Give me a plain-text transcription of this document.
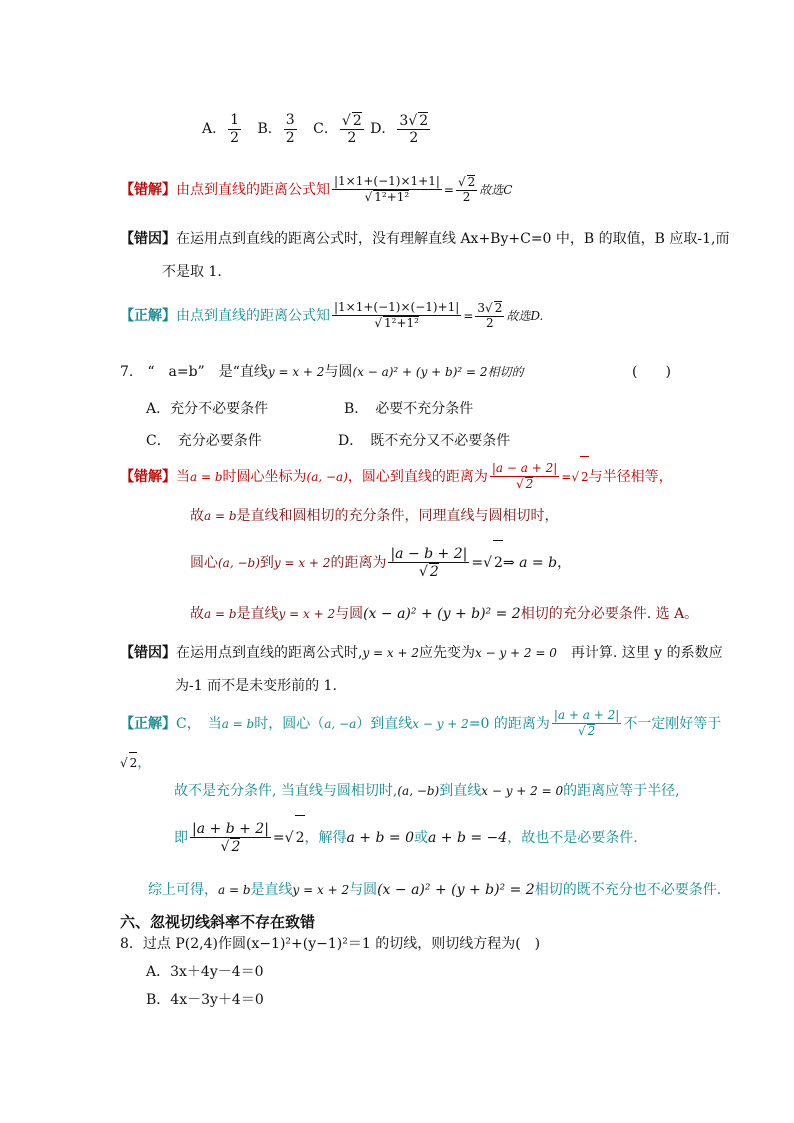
A． $\frac{1}{2}$ B． $\frac{3}{2}$ C． $\frac{√ 2}{2}$ D． $\frac{3√ 2}{2}$
【错解】由点到直线的距离公式知 $\frac{|1\times 1+(-1)\times 1+1|}{\text{√ 1²+1²}} = \frac{√ 2}{2}$ 故选C
【错因】在运用点到直线的距离公式时，没有理解直线 Ax+By+C=0 中，B 的取值，B 应取-1,而
不是取 1.
【正解】由点到直线的距离公式知 $\frac{|1\times 1+(-1)\times(-1)+1|}{\text{√ 1²+1²}} = \frac{3√ 2}{2}$ 故选D.
7.　“　a=b”　是“直线y = x + 2与圆(x − a)² + (y + b)² = 2相切的	(　　)
A．充分不必要条件	B．　必要不充分条件
C．　充分必要条件	D．　既不充分又不必要条件
【错解】当a = b时圆心坐标为(a, −a)，圆心到直线的距离为 $\frac{|a - a + 2|}{√ 2}$ =√ 2与半径相等，
故a = b是直线和圆相切的充分条件，同理直线与圆相切时，
圆心(a, −b)到y = x + 2的距离为 $\frac{|a - b + 2|}{√ 2}$ =√ 2⇒ a = b，
故a = b是直线y = x + 2与圆(x − a)² + (y + b)² = 2相切的充分必要条件. 选 A。
【错因】在运用点到直线的距离公式时,y = x + 2应先变为x − y + 2 = 0　再计算. 这里 y 的系数应
为-1 而不是未变形前的 1.
【正解】C，　当a = b时，圆心（a, −a）到直线x − y + 2=0 的距离为 $\frac{|a + a + 2|}{√ 2}$ 不一定刚好等于
√ 2，
故不是充分条件, 当直线与圆相切时,(a, −b)到直线x − y + 2 = 0的距离应等于半径,
即 $\frac{|a + b + 2|}{√ 2}$ =√ 2，解得a + b = 0或a + b = −4，故也不是必要条件.
综上可得，a = b是直线y = x + 2与圆(x − a)² + (y + b)² = 2相切的既不充分也不必要条件.
六、忽视切线斜率不存在致错
8．过点 P(2,4)作圆(x−1)²+(y−1)²＝1 的切线，则切线方程为(　)
A．3x＋4y－4＝0
B．4x－3y＋4＝0
